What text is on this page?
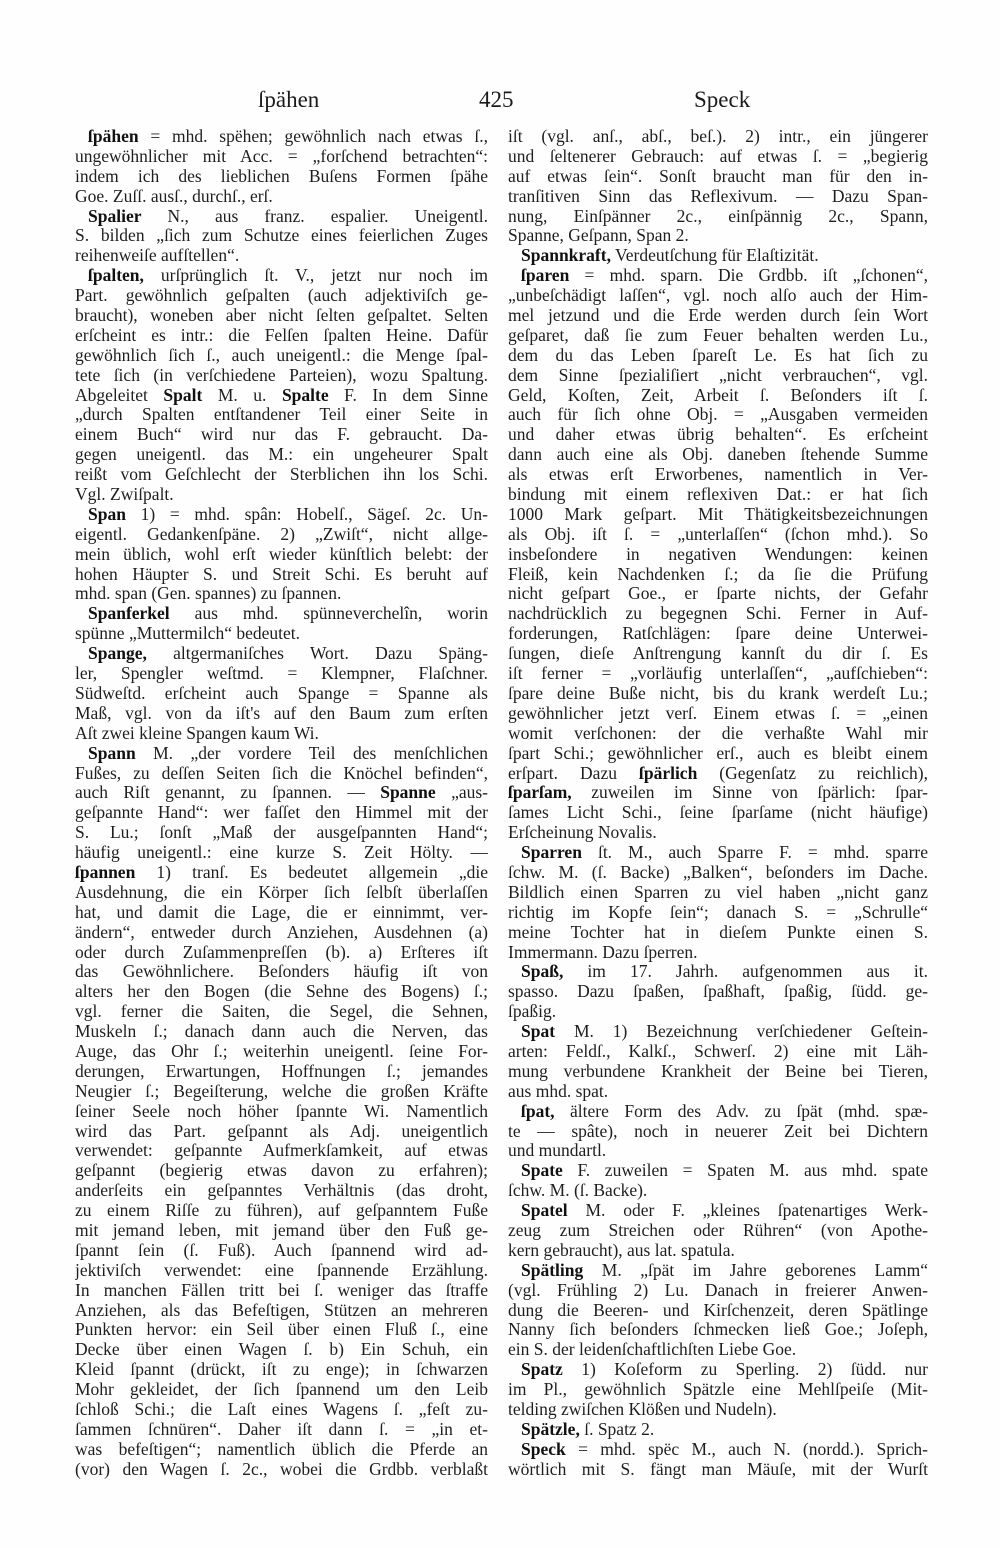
ſpähen	425	Speck
ſpähen = mhd. spëhen; gewöhnlich nach etwas ſ.,
ungewöhnlicher mit Acc. = „forſchend betrachten“:
indem ich des lieblichen Buſens Formen ſpähe
Goe. Zuſſ. ausſ., durchſ., erſ.
Spalier N., aus franz. espalier. Uneigentl.
S. bilden „ſich zum Schutze eines feierlichen Zuges
reihenweiſe aufſtellen“.
ſpalten, urſprünglich ſt. V., jetzt nur noch im
Part. gewöhnlich geſpalten (auch adjektiviſch ge-
braucht), woneben aber nicht ſelten geſpaltet. Selten
erſcheint es intr.: die Felſen ſpalten Heine. Dafür
gewöhnlich ſich ſ., auch uneigentl.: die Menge ſpal-
tete ſich (in verſchiedene Parteien), wozu Spaltung.
Abgeleitet Spalt M. u. Spalte F. In dem Sinne
„durch Spalten entſtandener Teil einer Seite in
einem Buch“ wird nur das F. gebraucht. Da-
gegen uneigentl. das M.: ein ungeheurer Spalt
reißt vom Geſchlecht der Sterblichen ihn los Schi.
Vgl. Zwiſpalt.
Span 1) = mhd. spân: Hobelſ., Sägeſ. 2c. Un-
eigentl. Gedankenſpäne. 2) „Zwiſt“, nicht allge-
mein üblich, wohl erſt wieder künſtlich belebt: der
hohen Häupter S. und Streit Schi. Es beruht auf
mhd. span (Gen. spannes) zu ſpannen.
Spanferkel aus mhd. spünneverchelîn, worin
spünne „Muttermilch“ bedeutet.
Spange, altgermaniſches Wort. Dazu Späng-
ler, Spengler weſtmd. = Klempner, Flaſchner.
Südweſtd. erſcheint auch Spange = Spanne als
Maß, vgl. von da iſt's auf den Baum zum erſten
Aſt zwei kleine Spangen kaum Wi.
Spann M. „der vordere Teil des menſchlichen
Fußes, zu deſſen Seiten ſich die Knöchel befinden“,
auch Riſt genannt, zu ſpannen. — Spanne „aus-
geſpannte Hand“: wer faſſet den Himmel mit der
S. Lu.; ſonſt „Maß der ausgeſpannten Hand“;
häufig uneigentl.: eine kurze S. Zeit Hölty. —
ſpannen 1) tranſ. Es bedeutet allgemein „die
Ausdehnung, die ein Körper ſich ſelbſt überlaſſen
hat, und damit die Lage, die er einnimmt, ver-
ändern“, entweder durch Anziehen, Ausdehnen (a)
oder durch Zuſammenpreſſen (b). a) Erſteres iſt
das Gewöhnlichere. Beſonders häufig iſt von
alters her den Bogen (die Sehne des Bogens) ſ.;
vgl. ferner die Saiten, die Segel, die Sehnen,
Muskeln ſ.; danach dann auch die Nerven, das
Auge, das Ohr ſ.; weiterhin uneigentl. ſeine For-
derungen, Erwartungen, Hoffnungen ſ.; jemandes
Neugier ſ.; Begeiſterung, welche die großen Kräfte
ſeiner Seele noch höher ſpannte Wi. Namentlich
wird das Part. geſpannt als Adj. uneigentlich
verwendet: geſpannte Aufmerkſamkeit, auf etwas
geſpannt (begierig etwas davon zu erfahren);
anderſeits ein geſpanntes Verhältnis (das droht,
zu einem Riſſe zu führen), auf geſpanntem Fuße
mit jemand leben, mit jemand über den Fuß ge-
ſpannt ſein (ſ. Fuß). Auch ſpannend wird ad-
jektiviſch verwendet: eine ſpannende Erzählung.
In manchen Fällen tritt bei ſ. weniger das ſtraffe
Anziehen, als das Befeſtigen, Stützen an mehreren
Punkten hervor: ein Seil über einen Fluß ſ., eine
Decke über einen Wagen ſ. b) Ein Schuh, ein
Kleid ſpannt (drückt, iſt zu enge); in ſchwarzen
Mohr gekleidet, der ſich ſpannend um den Leib
ſchloß Schi.; die Laſt eines Wagens ſ. „feſt zu-
ſammen ſchnüren“. Daher iſt dann ſ. = „in et-
was befeſtigen“; namentlich üblich die Pferde an
(vor) den Wagen ſ. 2c., wobei die Grdbb. verblaßt
iſt (vgl. anſ., abſ., beſ.). 2) intr., ein jüngerer
und ſeltenerer Gebrauch: auf etwas ſ. = „begierig
auf etwas ſein“. Sonſt braucht man für den in-
tranſitiven Sinn das Reflexivum. — Dazu Span-
nung, Einſpänner 2c., einſpännig 2c., Spann,
Spanne, Geſpann, Span 2.
Spannkraft, Verdeutſchung für Elaſtizität.
ſparen = mhd. sparn. Die Grdbb. iſt „ſchonen“,
„unbeſchädigt laſſen“, vgl. noch alſo auch der Him-
mel jetzund und die Erde werden durch ſein Wort
geſparet, daß ſie zum Feuer behalten werden Lu.,
dem du das Leben ſpareſt Le. Es hat ſich zu
dem Sinne ſpezialiſiert „nicht verbrauchen“, vgl.
Geld, Koſten, Zeit, Arbeit ſ. Beſonders iſt ſ.
auch für ſich ohne Obj. = „Ausgaben vermeiden
und daher etwas übrig behalten“. Es erſcheint
dann auch eine als Obj. daneben ſtehende Summe
als etwas erſt Erworbenes, namentlich in Ver-
bindung mit einem reflexiven Dat.: er hat ſich
1000 Mark geſpart. Mit Thätigkeitsbezeichnungen
als Obj. iſt ſ. = „unterlaſſen“ (ſchon mhd.). So
insbeſondere in negativen Wendungen: keinen
Fleiß, kein Nachdenken ſ.; da ſie die Prüfung
nicht geſpart Goe., er ſparte nichts, der Gefahr
nachdrücklich zu begegnen Schi. Ferner in Auf-
forderungen, Ratſchlägen: ſpare deine Unterwei-
ſungen, dieſe Anſtrengung kannſt du dir ſ. Es
iſt ferner = „vorläufig unterlaſſen“, „aufſchieben“:
ſpare deine Buße nicht, bis du krank werdeſt Lu.;
gewöhnlicher jetzt verſ. Einem etwas ſ. = „einen
womit verſchonen: der die verhaßte Wahl mir
ſpart Schi.; gewöhnlicher erſ., auch es bleibt einem
erſpart. Dazu ſpärlich (Gegenſatz zu reichlich),
ſparſam, zuweilen im Sinne von ſpärlich: ſpar-
ſames Licht Schi., ſeine ſparſame (nicht häufige)
Erſcheinung Novalis.
Sparren ſt. M., auch Sparre F. = mhd. sparre
ſchw. M. (ſ. Backe) „Balken“, beſonders im Dache.
Bildlich einen Sparren zu viel haben „nicht ganz
richtig im Kopfe ſein“; danach S. = „Schrulle“
meine Tochter hat in dieſem Punkte einen S.
Immermann. Dazu ſperren.
Spaß, im 17. Jahrh. aufgenommen aus it.
spasso. Dazu ſpaßen, ſpaßhaft, ſpaßig, ſüdd. ge-
ſpaßig.
Spat M. 1) Bezeichnung verſchiedener Geſtein-
arten: Feldſ., Kalkſ., Schwerſ. 2) eine mit Läh-
mung verbundene Krankheit der Beine bei Tieren,
aus mhd. spat.
ſpat, ältere Form des Adv. zu ſpät (mhd. spæ-
te — spâte), noch in neuerer Zeit bei Dichtern
und mundartl.
Spate F. zuweilen = Spaten M. aus mhd. spate
ſchw. M. (ſ. Backe).
Spatel M. oder F. „kleines ſpatenartiges Werk-
zeug zum Streichen oder Rühren“ (von Apothe-
kern gebraucht), aus lat. spatula.
Spätling M. „ſpät im Jahre geborenes Lamm“
(vgl. Frühling 2) Lu. Danach in freierer Anwen-
dung die Beeren- und Kirſchenzeit, deren Spätlinge
Nanny ſich beſonders ſchmecken ließ Goe.; Joſeph,
ein S. der leidenſchaftlichſten Liebe Goe.
Spatz 1) Koſeform zu Sperling. 2) ſüdd. nur
im Pl., gewöhnlich Spätzle eine Mehlſpeiſe (Mit-
telding zwiſchen Klößen und Nudeln).
Spätzle, ſ. Spatz 2.
Speck = mhd. spëc M., auch N. (nordd.). Sprich-
wörtlich mit S. fängt man Mäuſe, mit der Wurſt
